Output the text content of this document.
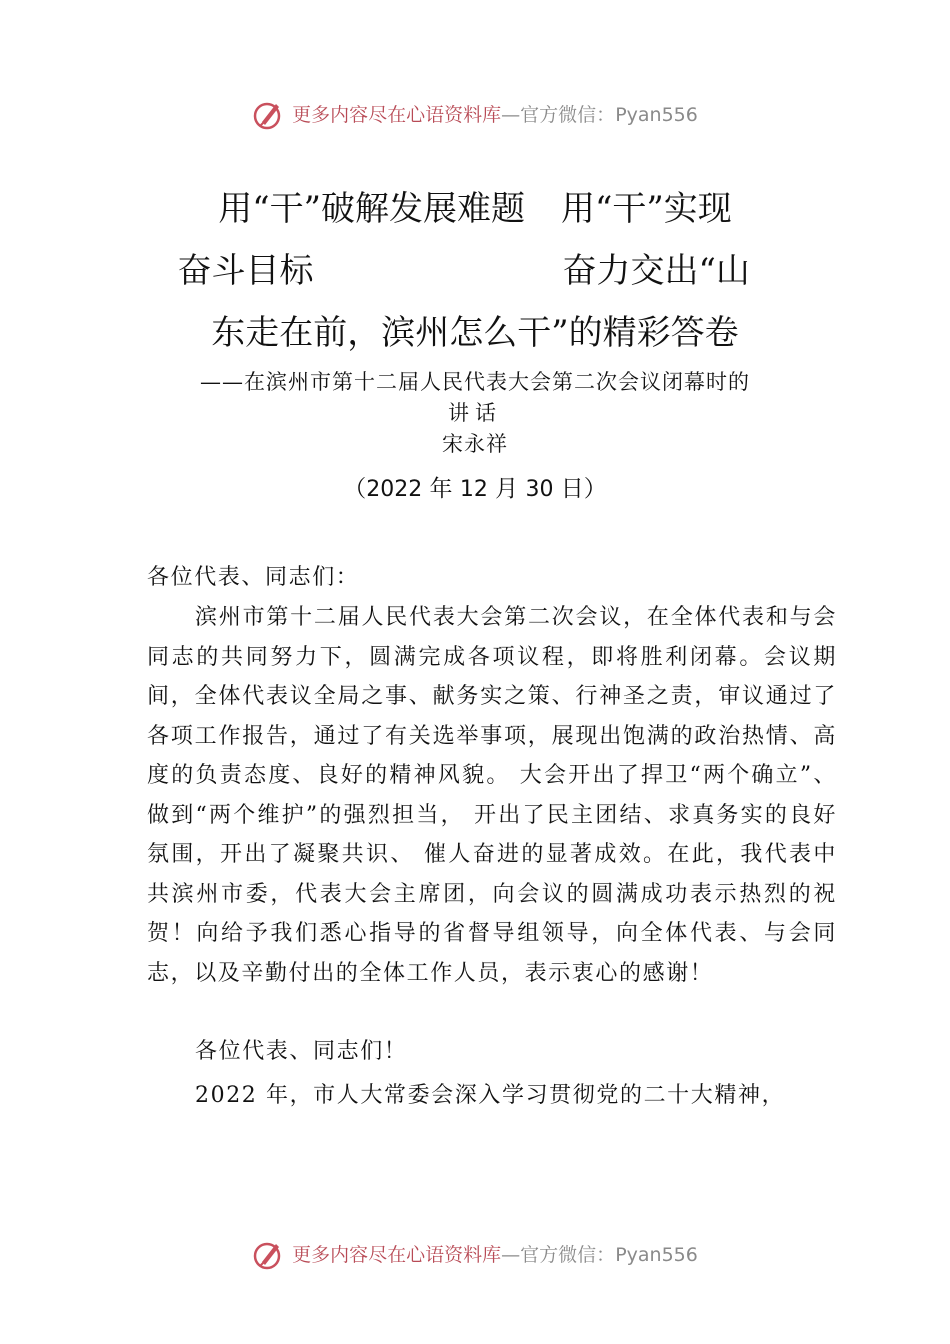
更多内容尽在心语资料库 —官方微信： Pyan556
用“干”破解发展难题 用“干”实现
奋斗目标	奋力交出“山
东走在前，滨州怎么干”的精彩答卷
——在滨州市第十二届人民代表大会第二次会议闭幕时的
讲话
宋永祥
（2022 年 12 月 30 日）
各位代表、同志们：
滨州市第十二届人民代表大会第二次会议，在全体代表和与会同志的共同努力下，圆满完成各项议程，即将胜利闭幕。会议期间，全体代表议全局之事、献务实之策、行神圣之责，审议通过了各项工作报告，通过了有关选举事项，展现出饱满的政治热情、高度的负责态度、良好的精神风貌。 大会开出了捍卫“两个确立”、做到“两个维护”的强烈担当， 开出了民主团结、求真务实的良好氛围，开出了凝聚共识、 催人奋进的显著成效。在此，我代表中共滨州市委，代表大会主席团，向会议的圆满成功表示热烈的祝贺！向给予我们悉心指导的省督导组领导，向全体代表、与会同志，以及辛勤付出的全体工作人员，表示衷心的感谢！
各位代表、同志们！
2022 年，市人大常委会深入学习贯彻党的二十大精神，
更多内容尽在心语资料库 —官方微信： Pyan556
